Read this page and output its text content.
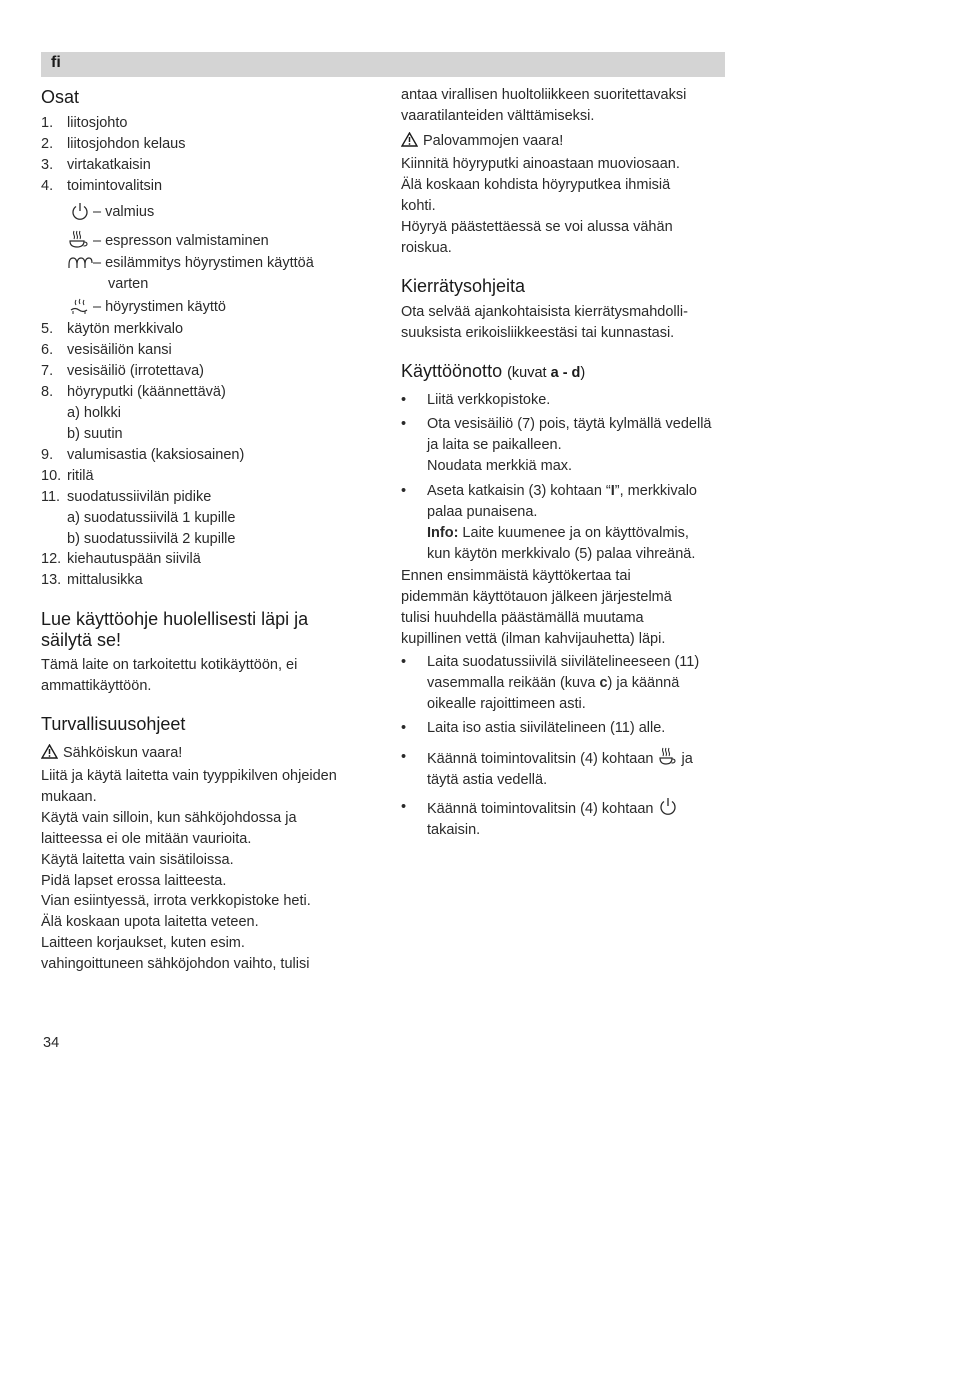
fi
Osat
1. liitosjohto
2. liitosjohdon kelaus
3. virtakatkaisin
4. toimintovalitsin
– valmius
– espresson valmistaminen
– esilämmitys höyrystimen käyttöä
varten
– höyrystimen käyttö
5. käytön merkkivalo
6. vesisäiliön kansi
7. vesisäiliö (irrotettava)
8. höyryputki (käännettävä)
a) holkki
b) suutin
9. valumisastia (kaksiosainen)
10. ritilä
11. suodatussiivilän pidike
a) suodatussiivilä 1 kupille
b) suodatussiivilä 2 kupille
12. kiehautuspään siivilä
13. mittalusikka
Lue käyttöohje huolellisesti läpi ja
säilytä se!

Tämä laite on tarkoitettu kotikäyttöön, ei
ammattikäyttöön.

Turvallisuusohjeet
Sähköiskun vaara!

Liitä ja käytä laitetta vain tyyppikilven ohjeiden
mukaan.
Käytä vain silloin, kun sähköjohdossa ja
laitteessa ei ole mitään vaurioita.
Käytä laitetta vain sisätiloissa.
Pidä lapset erossa laitteesta.
Vian esiintyessä, irrota verkkopistoke heti.
Älä koskaan upota laitetta veteen.
Laitteen korjaukset, kuten esim.
vahingoittuneen sähköjohdon vaihto, tulisi

antaa virallisen huoltoliikkeen suoritettavaksi
vaaratilanteiden välttämiseksi.

Palovammojen vaara!

Kiinnitä höyryputki ainoastaan muoviosaan.
Älä koskaan kohdista höyryputkea ihmisiä
kohti.
Höyryä päästettäessä se voi alussa vähän
roiskua.

Kierrätysohjeita

Ota selvää ajankohtaisista kierrätysmahdolli-
suuksista erikoisliikkeestäsi tai kunnastasi.

Käyttöönotto (kuvat a - d)
• Liitä verkkopistoke.
• Ota vesisäiliö (7) pois, täytä kylmällä vedellä
ja laita se paikalleen.
Noudata merkkiä max.
• Aseta katkaisin (3) kohtaan “I”, merkkivalo
palaa punaisena.
Info: Laite kuumenee ja on käyttövalmis,
kun käytön merkkivalo (5) palaa vihreänä.

Ennen ensimmäistä käyttökertaa tai
pidemmän käyttötauon jälkeen järjestelmä
tulisi huuhdella päästämällä muutama
kupillinen vettä (ilman kahvijauhetta) läpi.

• Laita suodatussiivilä siivilätelineeseen (11)
vasemmalla reikään (kuva c) ja käännä
oikealle rajoittimeen asti.
• Laita iso astia siivilätelineen (11) alle.
• Käännä toimintovalitsin (4) kohtaan  ja
täytä astia vedellä.
• Käännä toimintovalitsin (4) kohtaan
takaisin.
34
